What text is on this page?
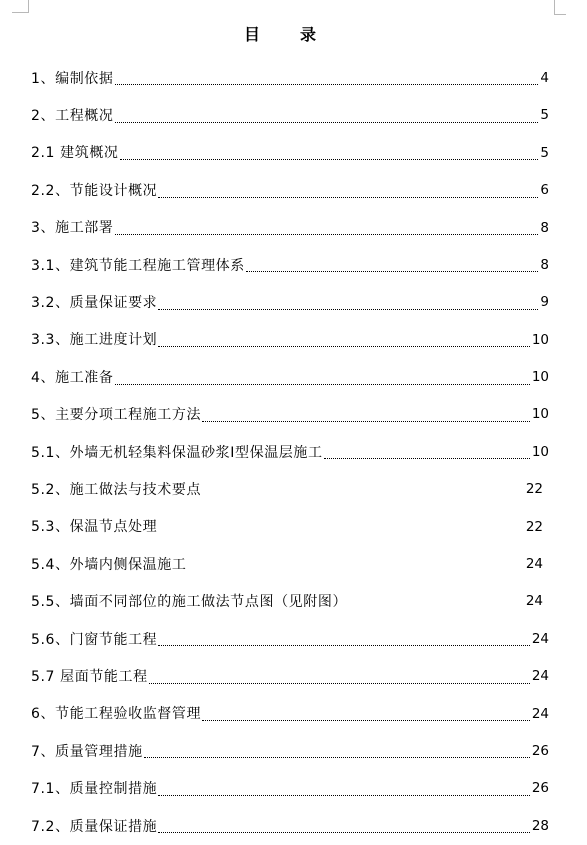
目　录
1、编制依据	4
2、工程概况	5
2.1 建筑概况	5
2.2、节能设计概况	6
3、施工部署	8
3.1、建筑节能工程施工管理体系	8
3.2、质量保证要求	9
3.3、施工进度计划	10
4、施工准备	10
5、主要分项工程施工方法	10
5.1、外墙无机轻集料保温砂浆Ⅰ型保温层施工	10
5.2、施工做法与技术要点	22
5.3、保温节点处理	22
5.4、外墙内侧保温施工	24
5.5、墙面不同部位的施工做法节点图（见附图）	24
5.6、门窗节能工程	24
5.7 屋面节能工程	24
6、节能工程验收监督管理	24
7、质量管理措施	26
7.1、质量控制措施	26
7.2、质量保证措施	28
